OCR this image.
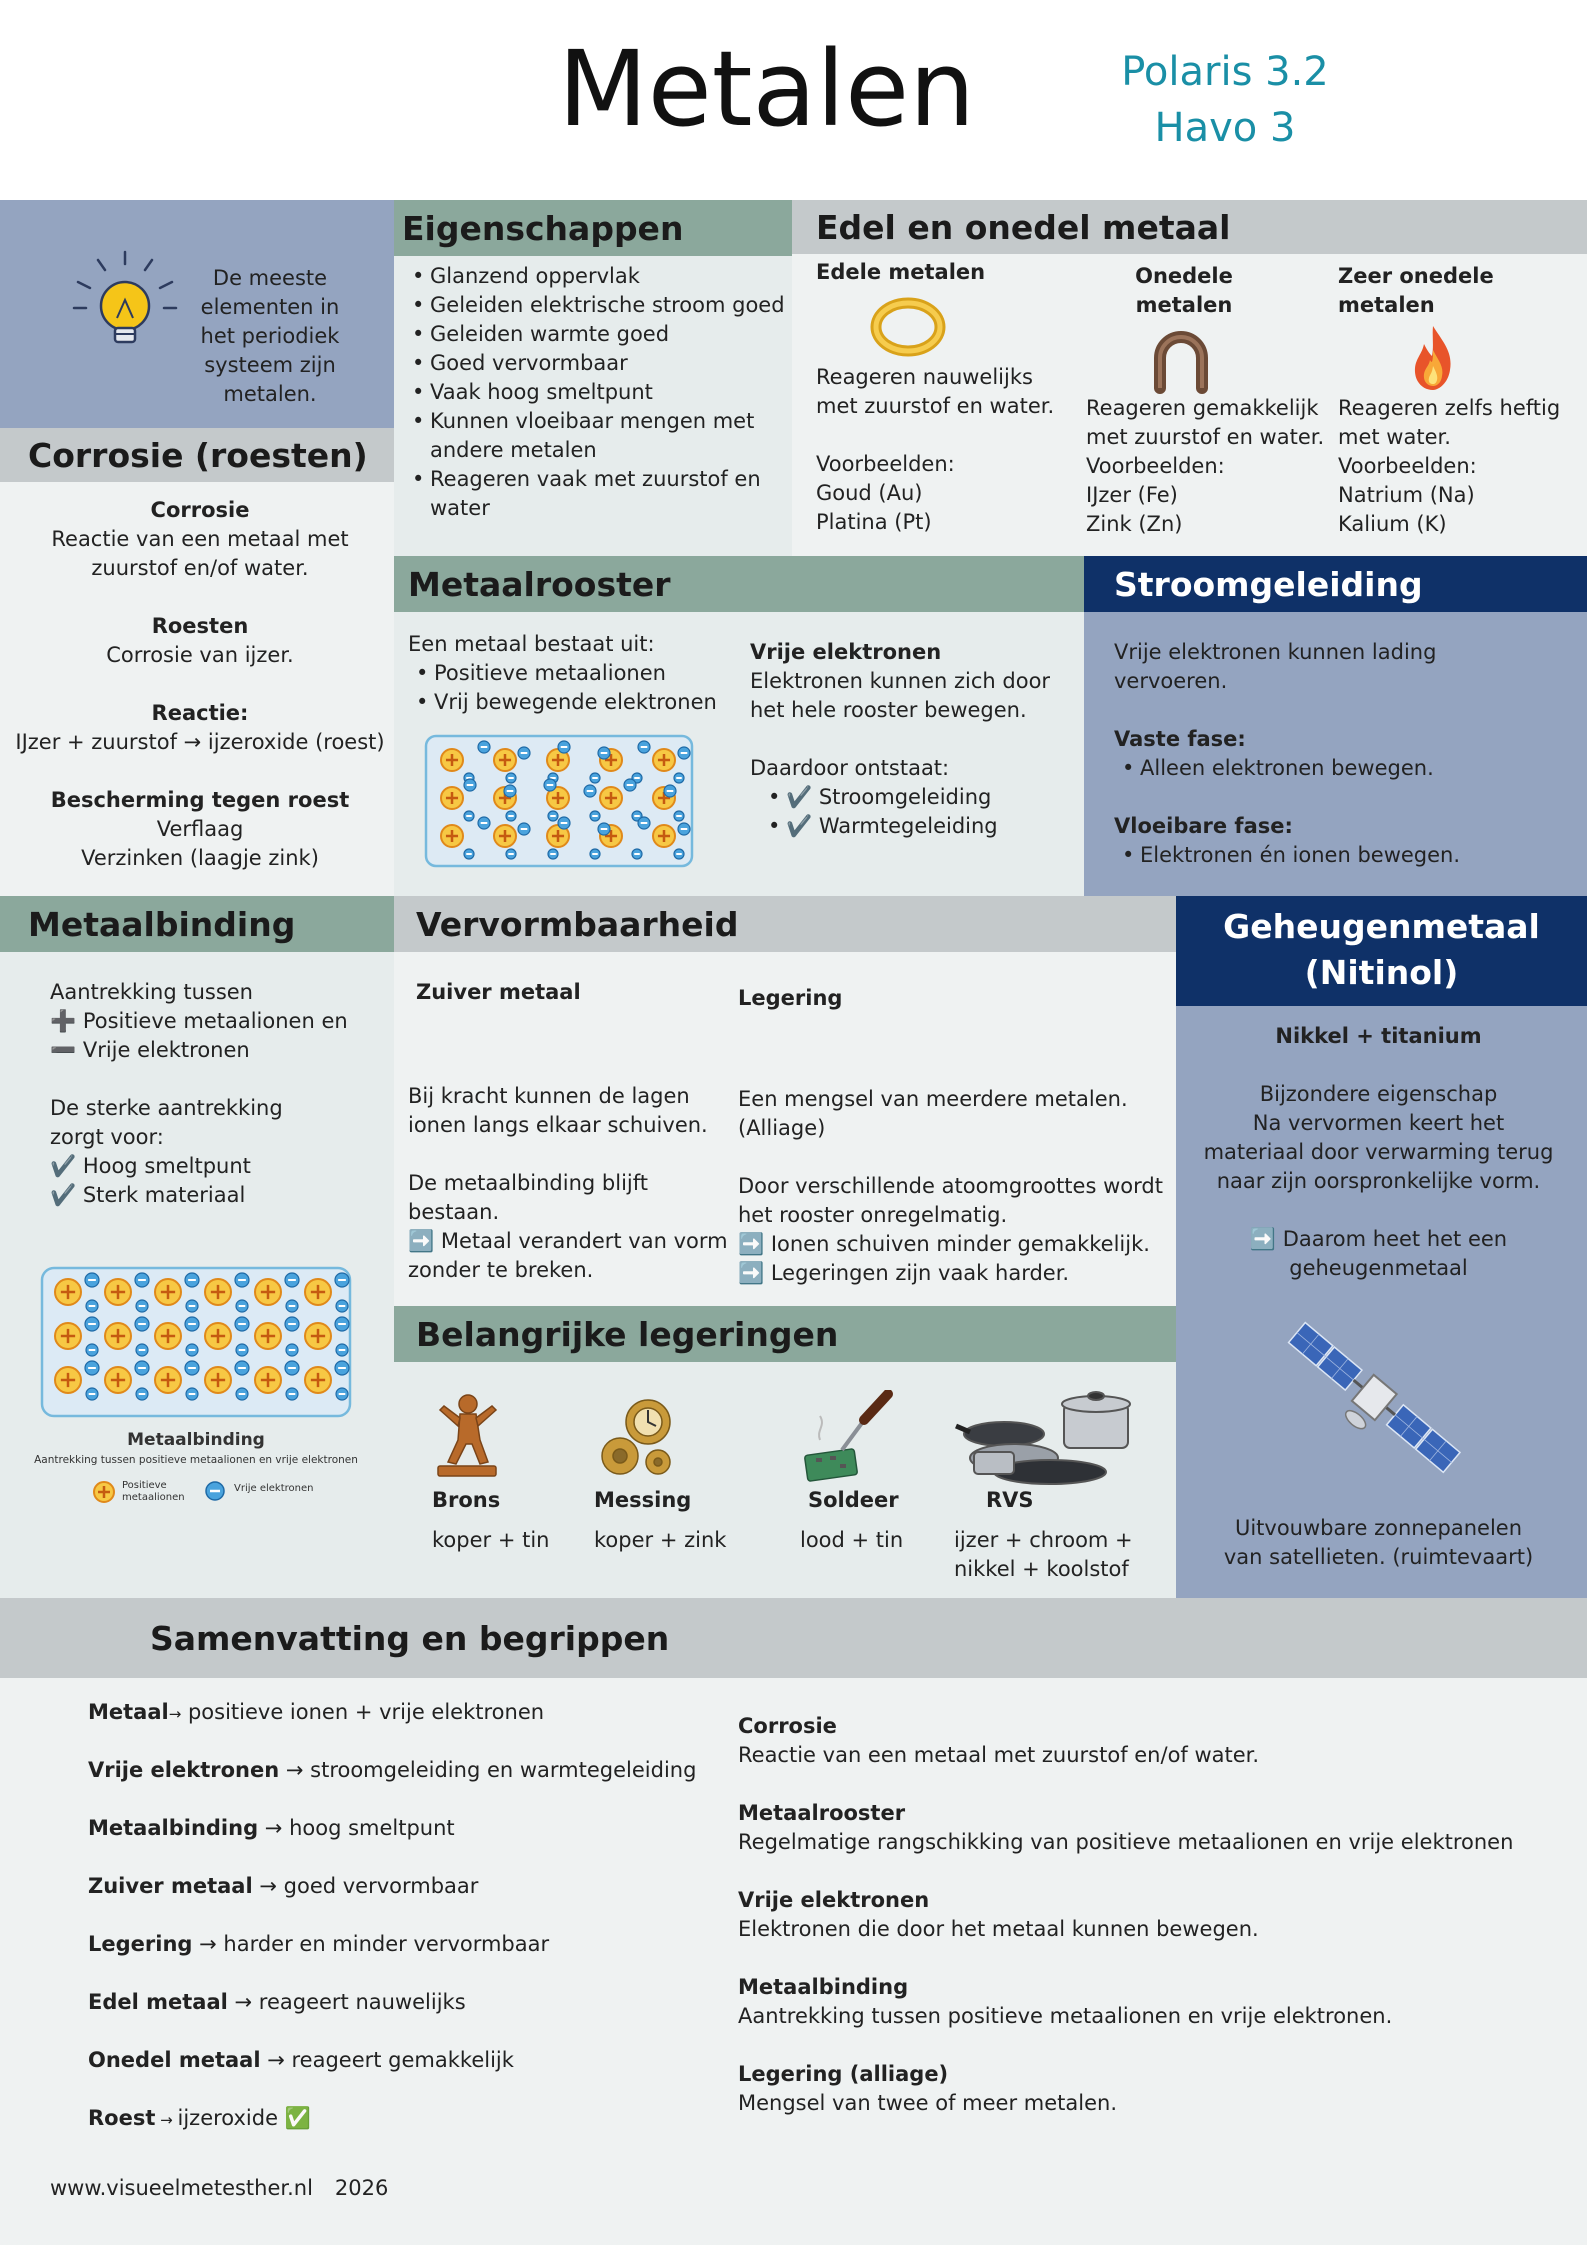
Metalen	Polaris 3.2
Havo 3
De meeste elementen in het periodiek systeem zijn metalen.
Corrosie (roesten)
Corrosie
Reactie van een metaal met zuurstof en/of water.
Roesten
Corrosie van ijzer.
Reactie:
IJzer + zuurstof → ijzeroxide (roest)
Bescherming tegen roest
Verflaag
Verzinken (laagje zink)
Eigenschappen
• Glanzend oppervlak
• Geleiden elektrische stroom goed
• Geleiden warmte goed
• Goed vervormbaar
• Vaak hoog smeltpunt
• Kunnen vloeibaar mengen met andere metalen
• Reageren vaak met zuurstof en water
Edel en onedel metaal
Edele metalen
Reageren nauwelijks
met zuurstof en water.
Voorbeelden:
Goud (Au)
Platina (Pt)
Onedele metalen
Reageren gemakkelijk
met zuurstof en water.
Voorbeelden:
IJzer (Fe)
Zink (Zn)
Zeer onedele metalen
Reageren zelfs heftig
met water.
Voorbeelden:
Natrium (Na)
Kalium (K)
Metaalrooster
Een metaal bestaat uit:
• Positieve metaalionen
• Vrij bewegende elektronen
Vrije elektronen
Elektronen kunnen zich door
het hele rooster bewegen.
Daardoor ontstaat:
• ✔️ Stroomgeleiding
• ✔️ Warmtegeleiding
Stroomgeleiding
Vrije elektronen kunnen lading
vervoeren.
Vaste fase:
• Alleen elektronen bewegen.
Vloeibare fase:
• Elektronen én ionen bewegen.
Metaalbinding
Aantrekking tussen
➕ Positieve metaalionen en
➖ Vrije elektronen
De sterke aantrekking
zorgt voor:
✔️ Hoog smeltpunt
✔️ Sterk materiaal
Metaalbinding
Aantrekking tussen positieve metaalionen en vrije elektronen
Positieve
metaalionen
Vrije elektronen
Vervormbaarheid
Zuiver metaal
Bij kracht kunnen de lagen
ionen langs elkaar schuiven.
De metaalbinding blijft
bestaan.
➡️ Metaal verandert van vorm
zonder te breken.
Legering
Een mengsel van meerdere metalen.
(Alliage)
Door verschillende atoomgroottes wordt
het rooster onregelmatig.
➡️ Ionen schuiven minder gemakkelijk.
➡️ Legeringen zijn vaak harder.
Geheugenmetaal
(Nitinol)
Nikkel + titanium
Bijzondere eigenschap
Na vervormen keert het
materiaal door verwarming terug
naar zijn oorspronkelijke vorm.
➡️ Daarom heet het een
geheugenmetaal
Uitvouwbare zonnepanelen
van satellieten. (ruimtevaart)
Belangrijke legeringen
Brons
koper + tin
Messing
koper + zink
Soldeer
lood + tin
RVS
ijzer + chroom +
nikkel + koolstof
Samenvatting en begrippen
Metaal→ positieve ionen + vrije elektronen
Vrije elektronen → stroomgeleiding en warmtegeleiding
Metaalbinding → hoog smeltpunt
Zuiver metaal → goed vervormbaar
Legering → harder en minder vervormbaar
Edel metaal → reageert nauwelijks
Onedel metaal → reageert gemakkelijk
Roest → ijzeroxide ✅
Corrosie
Reactie van een metaal met zuurstof en/of water.
Metaalrooster
Regelmatige rangschikking van positieve metaalionen en vrije elektronen
Vrije elektronen
Elektronen die door het metaal kunnen bewegen.
Metaalbinding
Aantrekking tussen positieve metaalionen en vrije elektronen.
Legering (alliage)
Mengsel van twee of meer metalen.
www.visueelmetesther.nl 2026
